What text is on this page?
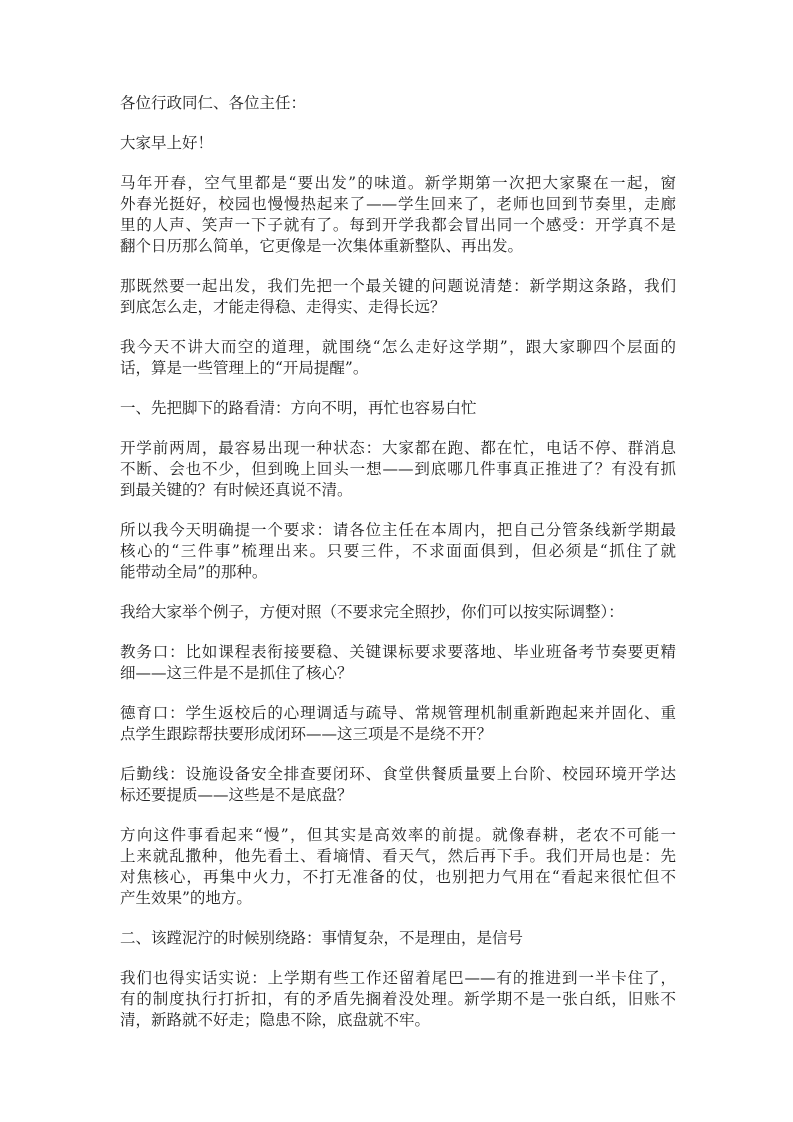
各位行政同仁、各位主任：

大家早上好！

马年开春，空气里都是“要出发”的味道。新学期第一次把大家聚在一起，窗
外春光挺好，校园也慢慢热起来了——学生回来了，老师也回到节奏里，走廊
里的人声、笑声一下子就有了。每到开学我都会冒出同一个感受：开学真不是
翻个日历那么简单，它更像是一次集体重新整队、再出发。

那既然要一起出发，我们先把一个最关键的问题说清楚：新学期这条路，我们
到底怎么走，才能走得稳、走得实、走得长远？

我今天不讲大而空的道理，就围绕“怎么走好这学期”，跟大家聊四个层面的
话，算是一些管理上的“开局提醒”。

一、先把脚下的路看清：方向不明，再忙也容易白忙

开学前两周，最容易出现一种状态：大家都在跑、都在忙，电话不停、群消息
不断、会也不少，但到晚上回头一想——到底哪几件事真正推进了？有没有抓
到最关键的？有时候还真说不清。

所以我今天明确提一个要求：请各位主任在本周内，把自己分管条线新学期最
核心的“三件事”梳理出来。只要三件，不求面面俱到，但必须是“抓住了就
能带动全局”的那种。

我给大家举个例子，方便对照（不要求完全照抄，你们可以按实际调整）：

教务口：比如课程表衔接要稳、关键课标要求要落地、毕业班备考节奏要更精
细——这三件是不是抓住了核心？

德育口：学生返校后的心理调适与疏导、常规管理机制重新跑起来并固化、重
点学生跟踪帮扶要形成闭环——这三项是不是绕不开？

后勤线：设施设备安全排查要闭环、食堂供餐质量要上台阶、校园环境开学达
标还要提质——这些是不是底盘？

方向这件事看起来“慢”，但其实是高效率的前提。就像春耕，老农不可能一
上来就乱撒种，他先看土、看墒情、看天气，然后再下手。我们开局也是：先
对焦核心，再集中火力，不打无准备的仗，也别把力气用在“看起来很忙但不
产生效果”的地方。

二、该蹚泥泞的时候别绕路：事情复杂，不是理由，是信号

我们也得实话实说：上学期有些工作还留着尾巴——有的推进到一半卡住了，
有的制度执行打折扣，有的矛盾先搁着没处理。新学期不是一张白纸，旧账不
清，新路就不好走；隐患不除，底盘就不牢。
